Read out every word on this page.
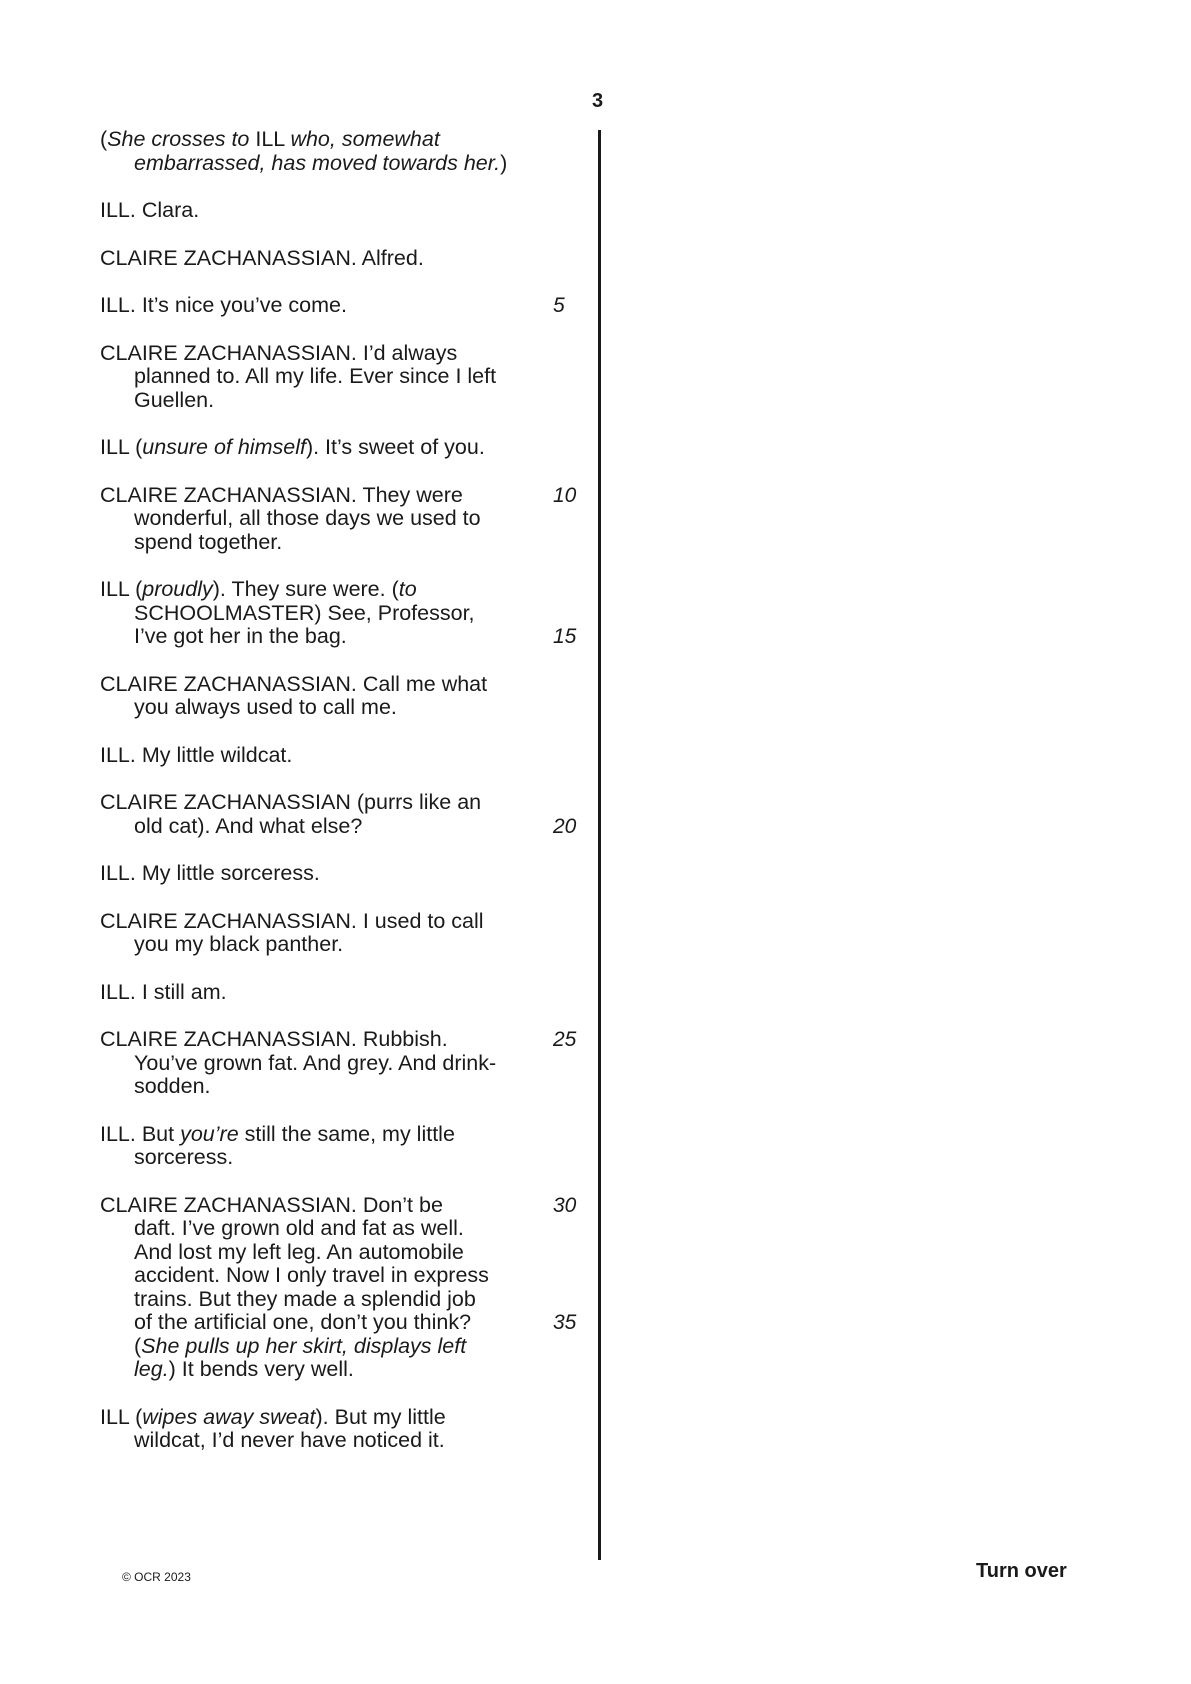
3
(She crosses to ILL who, somewhat
embarrassed, has moved towards her.)
ILL. Clara.
CLAIRE ZACHANASSIAN. Alfred.
ILL. It’s nice you’ve come.
CLAIRE ZACHANASSIAN. I’d always
planned to. All my life. Ever since I left
Guellen.
ILL (unsure of himself). It’s sweet of you.
CLAIRE ZACHANASSIAN. They were
wonderful, all those days we used to
spend together.
ILL (proudly). They sure were. (to
SCHOOLMASTER) See, Professor,
I’ve got her in the bag.
CLAIRE ZACHANASSIAN. Call me what
you always used to call me.
ILL. My little wildcat.
CLAIRE ZACHANASSIAN (purrs like an
old cat). And what else?
ILL. My little sorceress.
CLAIRE ZACHANASSIAN. I used to call
you my black panther.
ILL. I still am.
CLAIRE ZACHANASSIAN. Rubbish.
You’ve grown fat. And grey. And drink-
sodden.
ILL. But you’re still the same, my little
sorceress.
CLAIRE ZACHANASSIAN. Don’t be
daft. I’ve grown old and fat as well.
And lost my left leg. An automobile
accident. Now I only travel in express
trains. But they made a splendid job
of the artificial one, don’t you think?
(She pulls up her skirt, displays left
leg.) It bends very well.
ILL (wipes away sweat). But my little
wildcat, I’d never have noticed it.
5
10
15
20
25
30
35
© OCR 2023	Turn over
